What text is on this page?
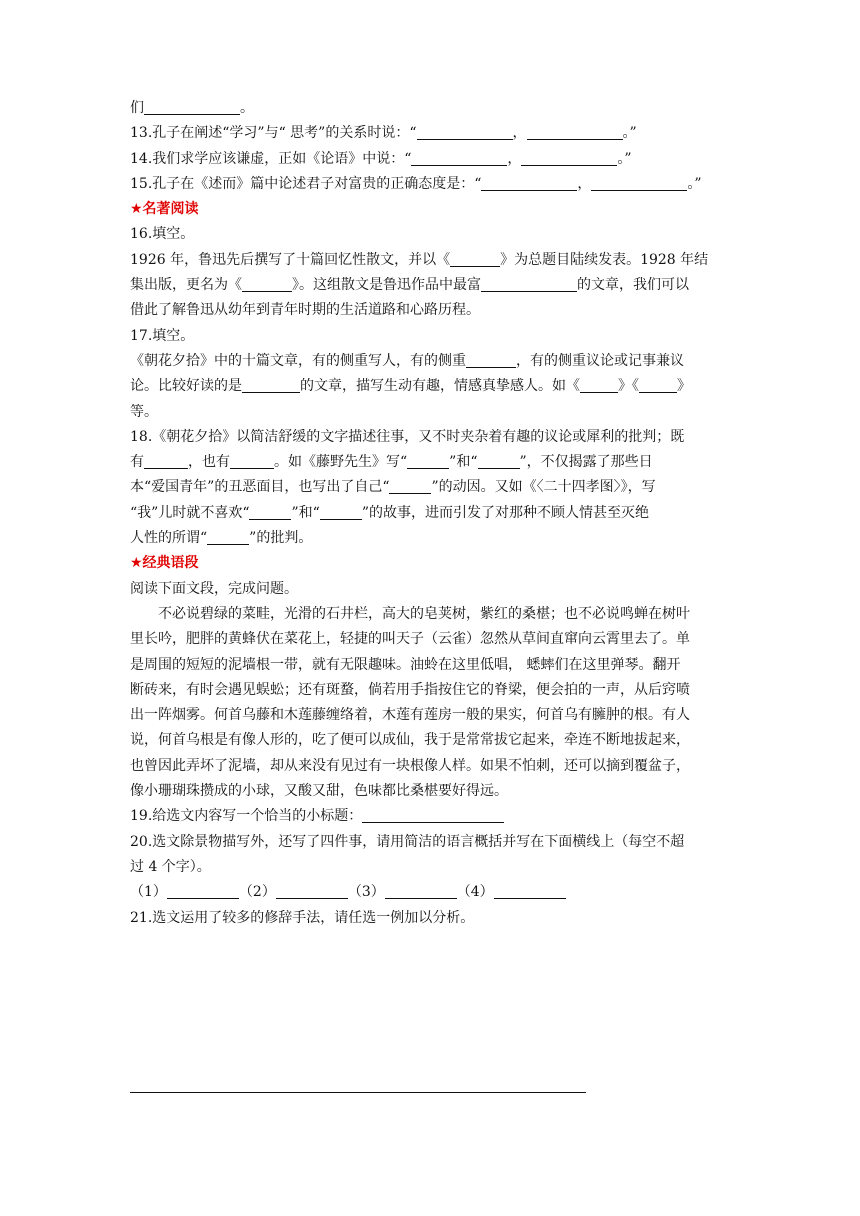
们	。
13.孔子在阐述“学习”与“ 思考”的关系时说：“	，	。”
14.我们求学应该谦虚，正如《论语》中说：“	，	。”
15.孔子在《述而》篇中论述君子对富贵的正确态度是：“	，	。”
★名著阅读
16.填空。
1926 年，鲁迅先后撰写了十篇回忆性散文，并以《	》为总题目陆续发表。1928 年结
集出版，更名为《	》。这组散文是鲁迅作品中最富	的文章，我们可以
借此了解鲁迅从幼年到青年时期的生活道路和心路历程。
17.填空。
《朝花夕拾》中的十篇文章，有的侧重写人，有的侧重	，有的侧重议论或记事兼议
论。比较好读的是	的文章，描写生动有趣，情感真挚感人。如《	》《	》
等。
18.《朝花夕拾》以简洁舒缓的文字描述往事，又不时夹杂着有趣的议论或犀利的批判；既
有	，也有	。如《藤野先生》写“	”和“	”，不仅揭露了那些日
本“爱国青年”的丑恶面目，也写出了自己“	”的动因。又如《〈二十四孝图〉》，写
“我”儿时就不喜欢“	”和“	”的故事，进而引发了对那种不顾人情甚至灭绝
人性的所谓“	”的批判。
★经典语段
阅读下面文段，完成问题。
不必说碧绿的菜畦，光滑的石井栏，高大的皂荚树，紫红的桑椹；也不必说鸣蝉在树叶
里长吟，肥胖的黄蜂伏在菜花上，轻捷的叫天子（云雀）忽然从草间直窜向云霄里去了。单
是周围的短短的泥墙根一带，就有无限趣味。油蛉在这里低唱， 蟋蟀们在这里弹琴。翻开
断砖来，有时会遇见蜈蚣；还有斑蝥，倘若用手指按住它的脊梁，便会拍的一声，从后窍喷
出一阵烟雾。何首乌藤和木莲藤缠络着，木莲有莲房一般的果实，何首乌有臃肿的根。有人
说，何首乌根是有像人形的，吃了便可以成仙，我于是常常拔它起来，牵连不断地拔起来，
也曾因此弄坏了泥墙，却从来没有见过有一块根像人样。如果不怕刺，还可以摘到覆盆子，
像小珊瑚珠攒成的小球，又酸又甜，色味都比桑椹要好得远。
19.给选文内容写一个恰当的小标题：
20.选文除景物描写外，还写了四件事，请用简洁的语言概括并写在下面横线上（每空不超
过 4 个字）。
（1）	（2）	（3）	（4）
21.选文运用了较多的修辞手法，请任选一例加以分析。
